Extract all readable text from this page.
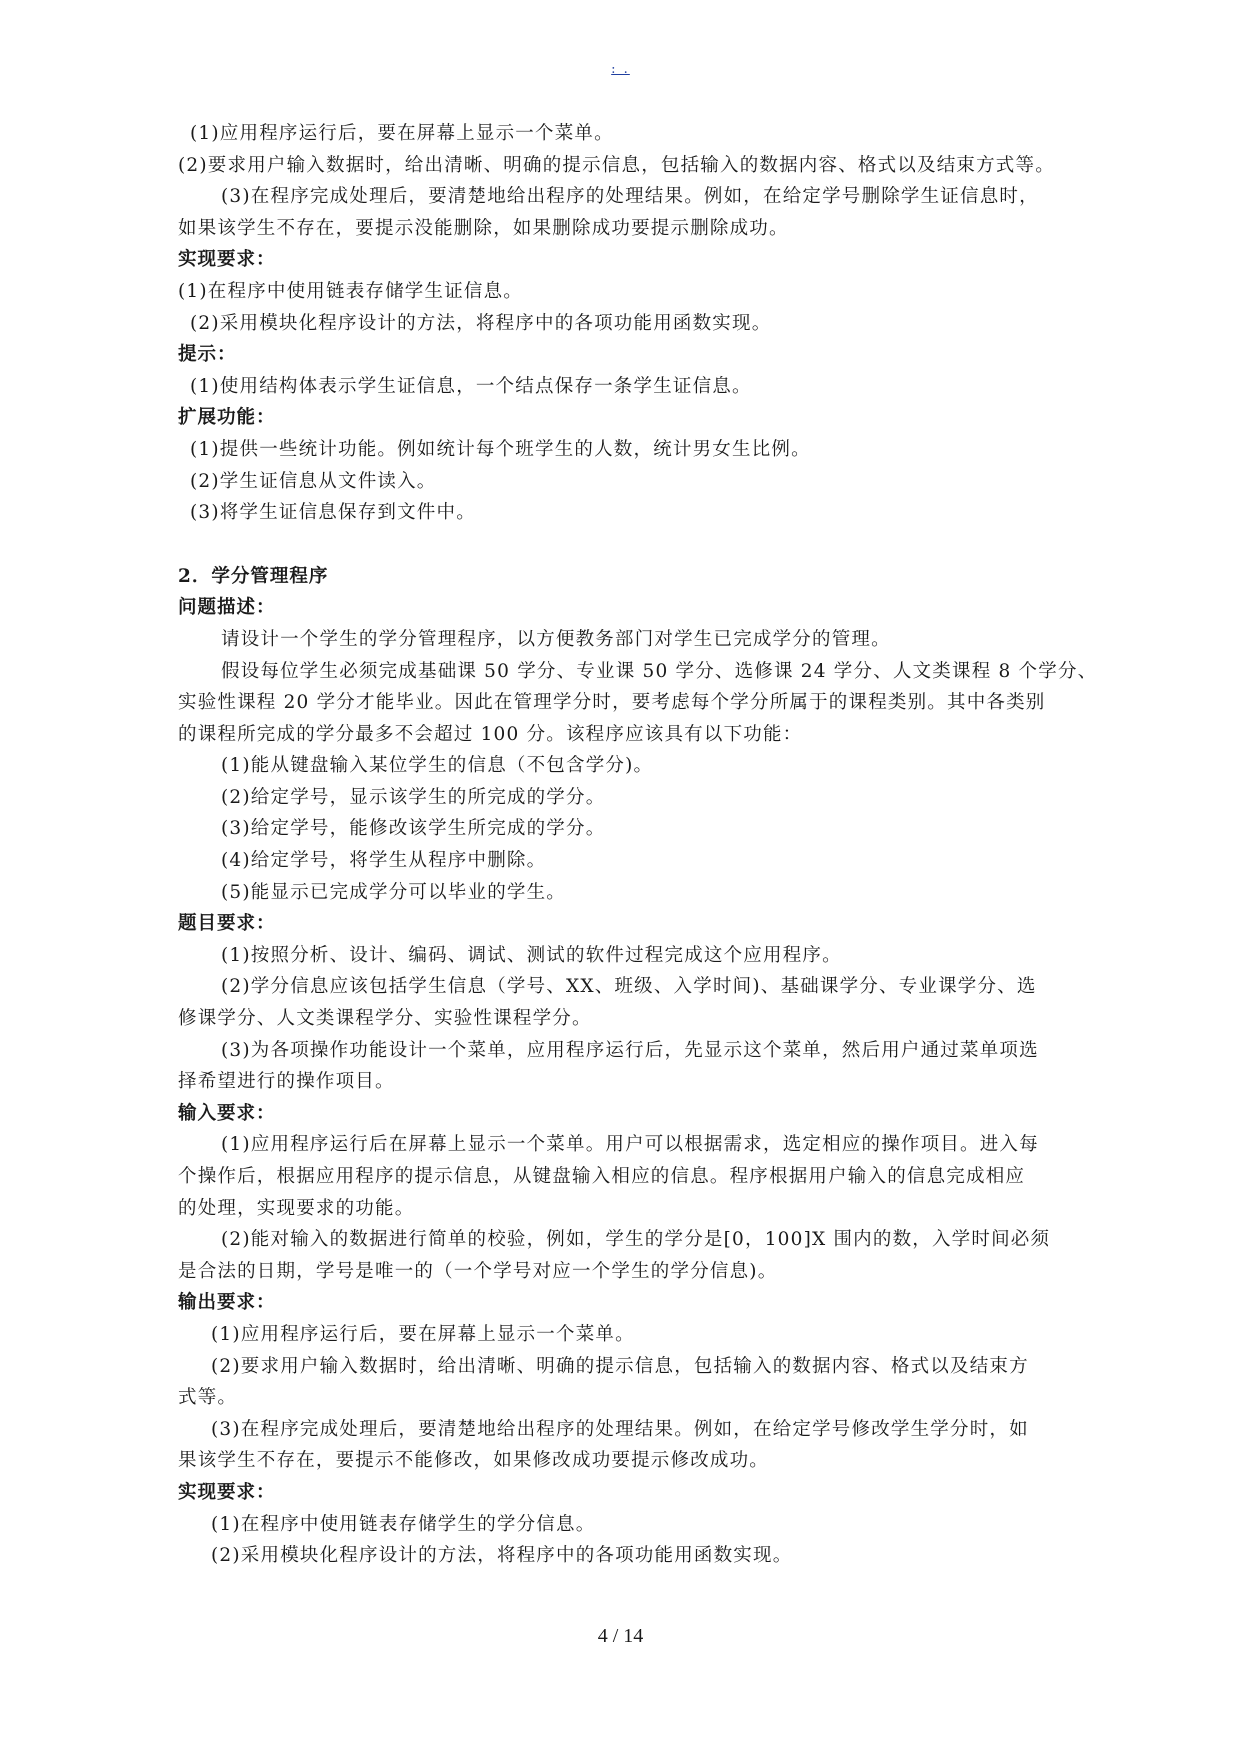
: .
(1)应用程序运行后，要在屏幕上显示一个菜单。
(2)要求用户输入数据时，给出清晰、明确的提示信息，包括输入的数据内容、格式以及结束方式等。
(3)在程序完成处理后，要清楚地给出程序的处理结果。例如，在给定学号删除学生证信息时，
如果该学生不存在，要提示没能删除，如果删除成功要提示删除成功。
实现要求：
(1)在程序中使用链表存储学生证信息。
(2)采用模块化程序设计的方法，将程序中的各项功能用函数实现。
提示：
(1)使用结构体表示学生证信息，一个结点保存一条学生证信息。
扩展功能：
(1)提供一些统计功能。例如统计每个班学生的人数，统计男女生比例。
(2)学生证信息从文件读入。
(3)将学生证信息保存到文件中。
2．学分管理程序
问题描述：
请设计一个学生的学分管理程序，以方便教务部门对学生已完成学分的管理。
假设每位学生必须完成基础课 50 学分、专业课 50 学分、选修课 24 学分、人文类课程 8 个学分、
实验性课程 20 学分才能毕业。因此在管理学分时，要考虑每个学分所属于的课程类别。其中各类别
的课程所完成的学分最多不会超过 100 分。该程序应该具有以下功能：
(1)能从键盘输入某位学生的信息（不包含学分)。
(2)给定学号，显示该学生的所完成的学分。
(3)给定学号，能修改该学生所完成的学分。
(4)给定学号，将学生从程序中删除。
(5)能显示已完成学分可以毕业的学生。
题目要求：
(1)按照分析、设计、编码、调试、测试的软件过程完成这个应用程序。
(2)学分信息应该包括学生信息（学号、XX、班级、入学时间)、基础课学分、专业课学分、选
修课学分、人文类课程学分、实验性课程学分。
(3)为各项操作功能设计一个菜单，应用程序运行后，先显示这个菜单，然后用户通过菜单项选
择希望进行的操作项目。
输入要求：
(1)应用程序运行后在屏幕上显示一个菜单。用户可以根据需求，选定相应的操作项目。进入每
个操作后，根据应用程序的提示信息，从键盘输入相应的信息。程序根据用户输入的信息完成相应
的处理，实现要求的功能。
(2)能对输入的数据进行简单的校验，例如，学生的学分是[0，100]X 围内的数，入学时间必须
是合法的日期，学号是唯一的（一个学号对应一个学生的学分信息)。
输出要求：
(1)应用程序运行后，要在屏幕上显示一个菜单。
(2)要求用户输入数据时，给出清晰、明确的提示信息，包括输入的数据内容、格式以及结束方
式等。
(3)在程序完成处理后，要清楚地给出程序的处理结果。例如，在给定学号修改学生学分时，如
果该学生不存在，要提示不能修改，如果修改成功要提示修改成功。
实现要求：
(1)在程序中使用链表存储学生的学分信息。
(2)采用模块化程序设计的方法，将程序中的各项功能用函数实现。
4 / 14
